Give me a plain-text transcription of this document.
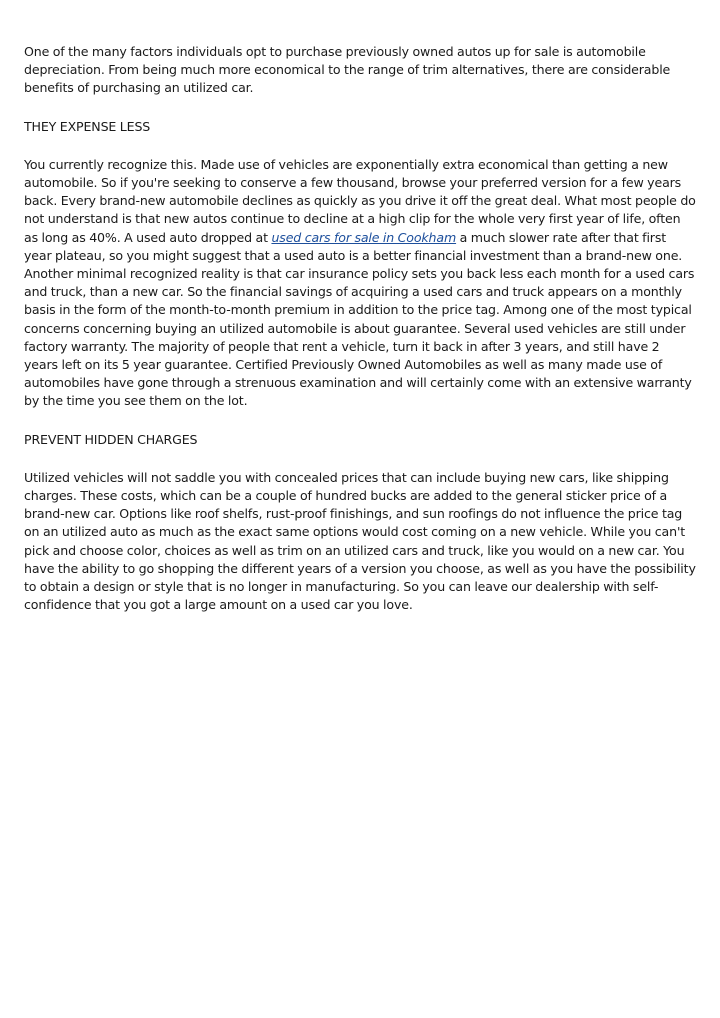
One of the many factors individuals opt to purchase previously owned autos up for sale is automobile depreciation. From being much more economical to the range of trim alternatives, there are considerable benefits of purchasing an utilized car.

THEY EXPENSE LESS

You currently recognize this. Made use of vehicles are exponentially extra economical than getting a new automobile. So if you're seeking to conserve a few thousand, browse your preferred version for a few years back. Every brand-new automobile declines as quickly as you drive it off the great deal. What most people do not understand is that new autos continue to decline at a high clip for the whole very first year of life, often as long as 40%. A used auto dropped at used cars for sale in Cookham a much slower rate after that first year plateau, so you might suggest that a used auto is a better financial investment than a brand-new one. Another minimal recognized reality is that car insurance policy sets you back less each month for a used cars and truck, than a new car. So the financial savings of acquiring a used cars and truck appears on a monthly basis in the form of the month-to-month premium in addition to the price tag. Among one of the most typical concerns concerning buying an utilized automobile is about guarantee. Several used vehicles are still under factory warranty. The majority of people that rent a vehicle, turn it back in after 3 years, and still have 2 years left on its 5 year guarantee. Certified Previously Owned Automobiles as well as many made use of automobiles have gone through a strenuous examination and will certainly come with an extensive warranty by the time you see them on the lot.

PREVENT HIDDEN CHARGES

Utilized vehicles will not saddle you with concealed prices that can include buying new cars, like shipping charges. These costs, which can be a couple of hundred bucks are added to the general sticker price of a brand-new car. Options like roof shelfs, rust-proof finishings, and sun roofings do not influence the price tag on an utilized auto as much as the exact same options would cost coming on a new vehicle. While you can't pick and choose color, choices as well as trim on an utilized cars and truck, like you would on a new car. You have the ability to go shopping the different years of a version you choose, as well as you have the possibility to obtain a design or style that is no longer in manufacturing. So you can leave our dealership with self-confidence that you got a large amount on a used car you love.
